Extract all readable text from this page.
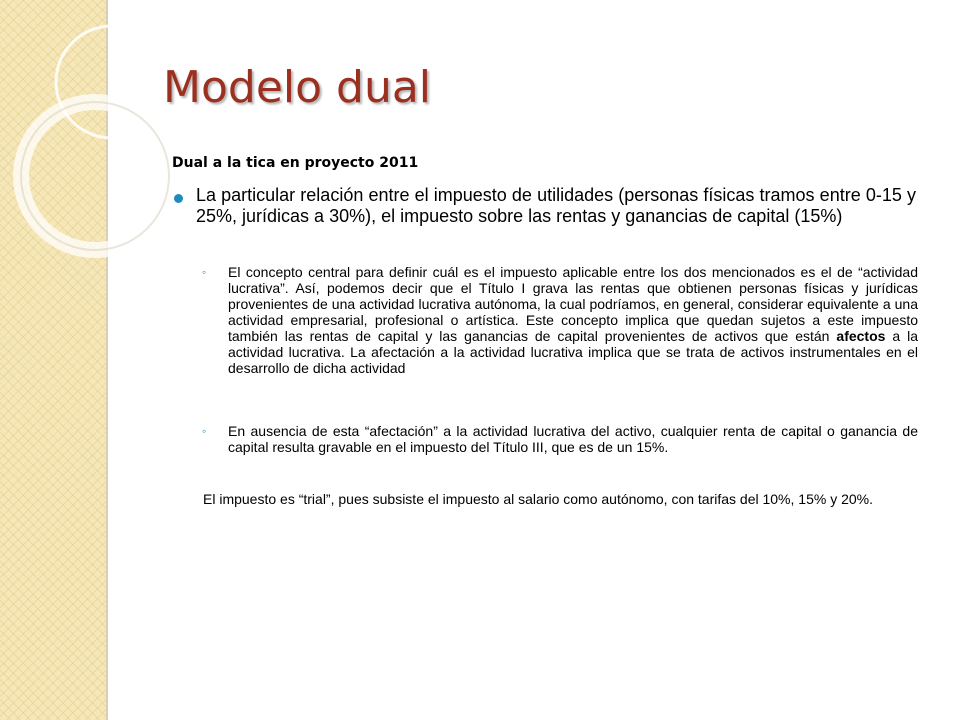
Modelo dual
Dual a la tica en proyecto 2011
La particular relación entre el impuesto de utilidades (personas físicas tramos entre 0-15 y 25%, jurídicas a 30%), el impuesto sobre las rentas y ganancias de capital (15%)
◦ El concepto central para definir cuál es el impuesto aplicable entre los dos mencionados es el de “actividad lucrativa”. Así, podemos decir que el Título I grava las rentas que obtienen personas físicas y jurídicas provenientes de una actividad lucrativa autónoma, la cual podríamos, en general, considerar equivalente a una actividad empresarial, profesional o artística. Este concepto implica que quedan sujetos a este impuesto también las rentas de capital y las ganancias de capital provenientes de activos que están afectos a la actividad lucrativa. La afectación a la actividad lucrativa implica que se trata de activos instrumentales en el desarrollo de dicha actividad
◦ En ausencia de esta “afectación” a la actividad lucrativa del activo, cualquier renta de capital o ganancia de capital resulta gravable en el impuesto del Título III, que es de un 15%.
El impuesto es “trial”, pues subsiste el impuesto al salario como autónomo, con tarifas del 10%, 15% y 20%.
